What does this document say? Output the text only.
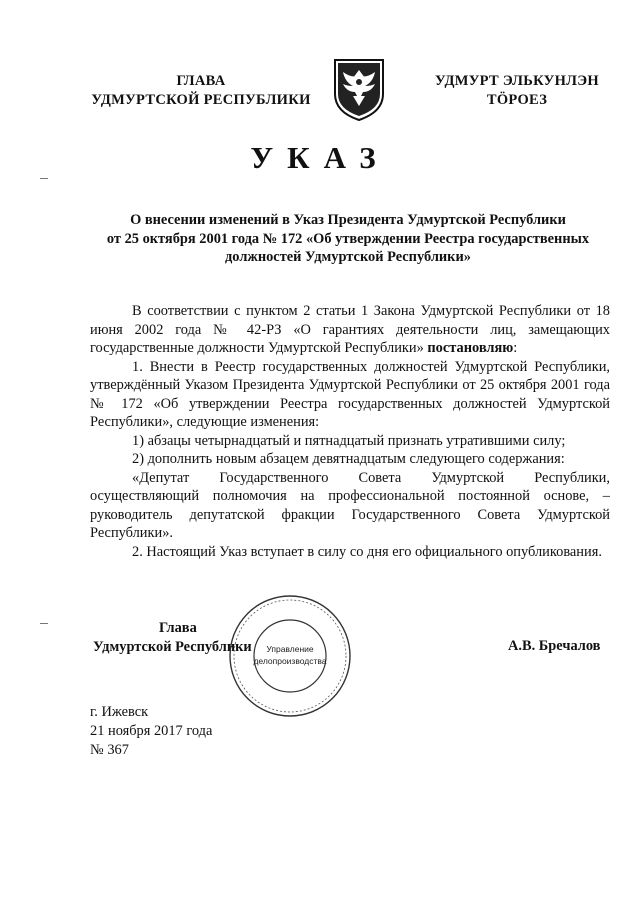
ГЛАВА
УДМУРТСКОЙ РЕСПУБЛИКИ
УДМУРТ ЭЛЬКУНЛЭН
ТӦРОЕЗ
УКАЗ
О внесении изменений в Указ Президента Удмуртской Республики
от 25 октября 2001 года № 172 «Об утверждении Реестра государственных
должностей Удмуртской Республики»

В соответствии с пунктом 2 статьи 1 Закона Удмуртской Республики от 18 июня 2002 года № 42-РЗ «О гарантиях деятельности лиц, замещающих государственные должности Удмуртской Республики» постановляю:

1. Внести в Реестр государственных должностей Удмуртской Республики, утверждённый Указом Президента Удмуртской Республики от 25 октября 2001 года № 172 «Об утверждении Реестра государственных должностей Удмуртской Республики», следующие изменения:

1) абзацы четырнадцатый и пятнадцатый признать утратившими силу;

2) дополнить новым абзацем девятнадцатым следующего содержания:

«Депутат Государственного Совета Удмуртской Республики, осуществляющий полномочия на профессиональной постоянной основе, – руководитель депутатской фракции Государственного Совета Удмуртской Республики».

2. Настоящий Указ вступает в силу со дня его официального опубликования.

Глава
Удмуртской Республики	А.В. Бречалов
Управление
делопроизводства
г. Ижевск
21 ноября 2017 года
№ 367
